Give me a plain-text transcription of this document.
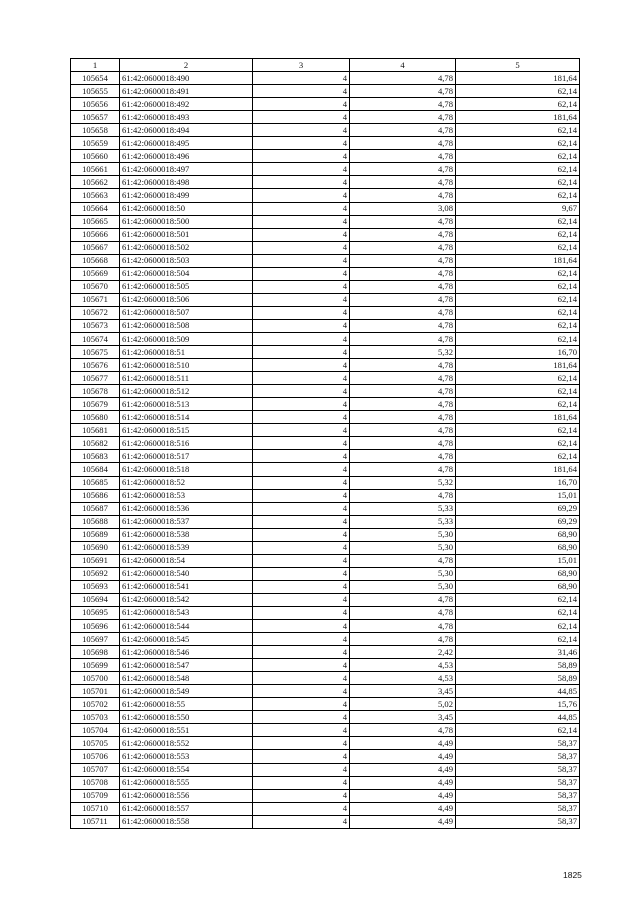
1	2	3	4	5
105654	61:42:0600018:490	4	4,78	181,64
105655	61:42:0600018:491	4	4,78	62,14
105656	61:42:0600018:492	4	4,78	62,14
105657	61:42:0600018:493	4	4,78	181,64
105658	61:42:0600018:494	4	4,78	62,14
105659	61:42:0600018:495	4	4,78	62,14
105660	61:42:0600018:496	4	4,78	62,14
105661	61:42:0600018:497	4	4,78	62,14
105662	61:42:0600018:498	4	4,78	62,14
105663	61:42:0600018:499	4	4,78	62,14
105664	61:42:0600018:50	4	3,08	9,67
105665	61:42:0600018:500	4	4,78	62,14
105666	61:42:0600018:501	4	4,78	62,14
105667	61:42:0600018:502	4	4,78	62,14
105668	61:42:0600018:503	4	4,78	181,64
105669	61:42:0600018:504	4	4,78	62,14
105670	61:42:0600018:505	4	4,78	62,14
105671	61:42:0600018:506	4	4,78	62,14
105672	61:42:0600018:507	4	4,78	62,14
105673	61:42:0600018:508	4	4,78	62,14
105674	61:42:0600018:509	4	4,78	62,14
105675	61:42:0600018:51	4	5,32	16,70
105676	61:42:0600018:510	4	4,78	181,64
105677	61:42:0600018:511	4	4,78	62,14
105678	61:42:0600018:512	4	4,78	62,14
105679	61:42:0600018:513	4	4,78	62,14
105680	61:42:0600018:514	4	4,78	181,64
105681	61:42:0600018:515	4	4,78	62,14
105682	61:42:0600018:516	4	4,78	62,14
105683	61:42:0600018:517	4	4,78	62,14
105684	61:42:0600018:518	4	4,78	181,64
105685	61:42:0600018:52	4	5,32	16,70
105686	61:42:0600018:53	4	4,78	15,01
105687	61:42:0600018:536	4	5,33	69,29
105688	61:42:0600018:537	4	5,33	69,29
105689	61:42:0600018:538	4	5,30	68,90
105690	61:42:0600018:539	4	5,30	68,90
105691	61:42:0600018:54	4	4,78	15,01
105692	61:42:0600018:540	4	5,30	68,90
105693	61:42:0600018:541	4	5,30	68,90
105694	61:42:0600018:542	4	4,78	62,14
105695	61:42:0600018:543	4	4,78	62,14
105696	61:42:0600018:544	4	4,78	62,14
105697	61:42:0600018:545	4	4,78	62,14
105698	61:42:0600018:546	4	2,42	31,46
105699	61:42:0600018:547	4	4,53	58,89
105700	61:42:0600018:548	4	4,53	58,89
105701	61:42:0600018:549	4	3,45	44,85
105702	61:42:0600018:55	4	5,02	15,76
105703	61:42:0600018:550	4	3,45	44,85
105704	61:42:0600018:551	4	4,78	62,14
105705	61:42:0600018:552	4	4,49	58,37
105706	61:42:0600018:553	4	4,49	58,37
105707	61:42:0600018:554	4	4,49	58,37
105708	61:42:0600018:555	4	4,49	58,37
105709	61:42:0600018:556	4	4,49	58,37
105710	61:42:0600018:557	4	4,49	58,37
105711	61:42:0600018:558	4	4,49	58,37
1825
